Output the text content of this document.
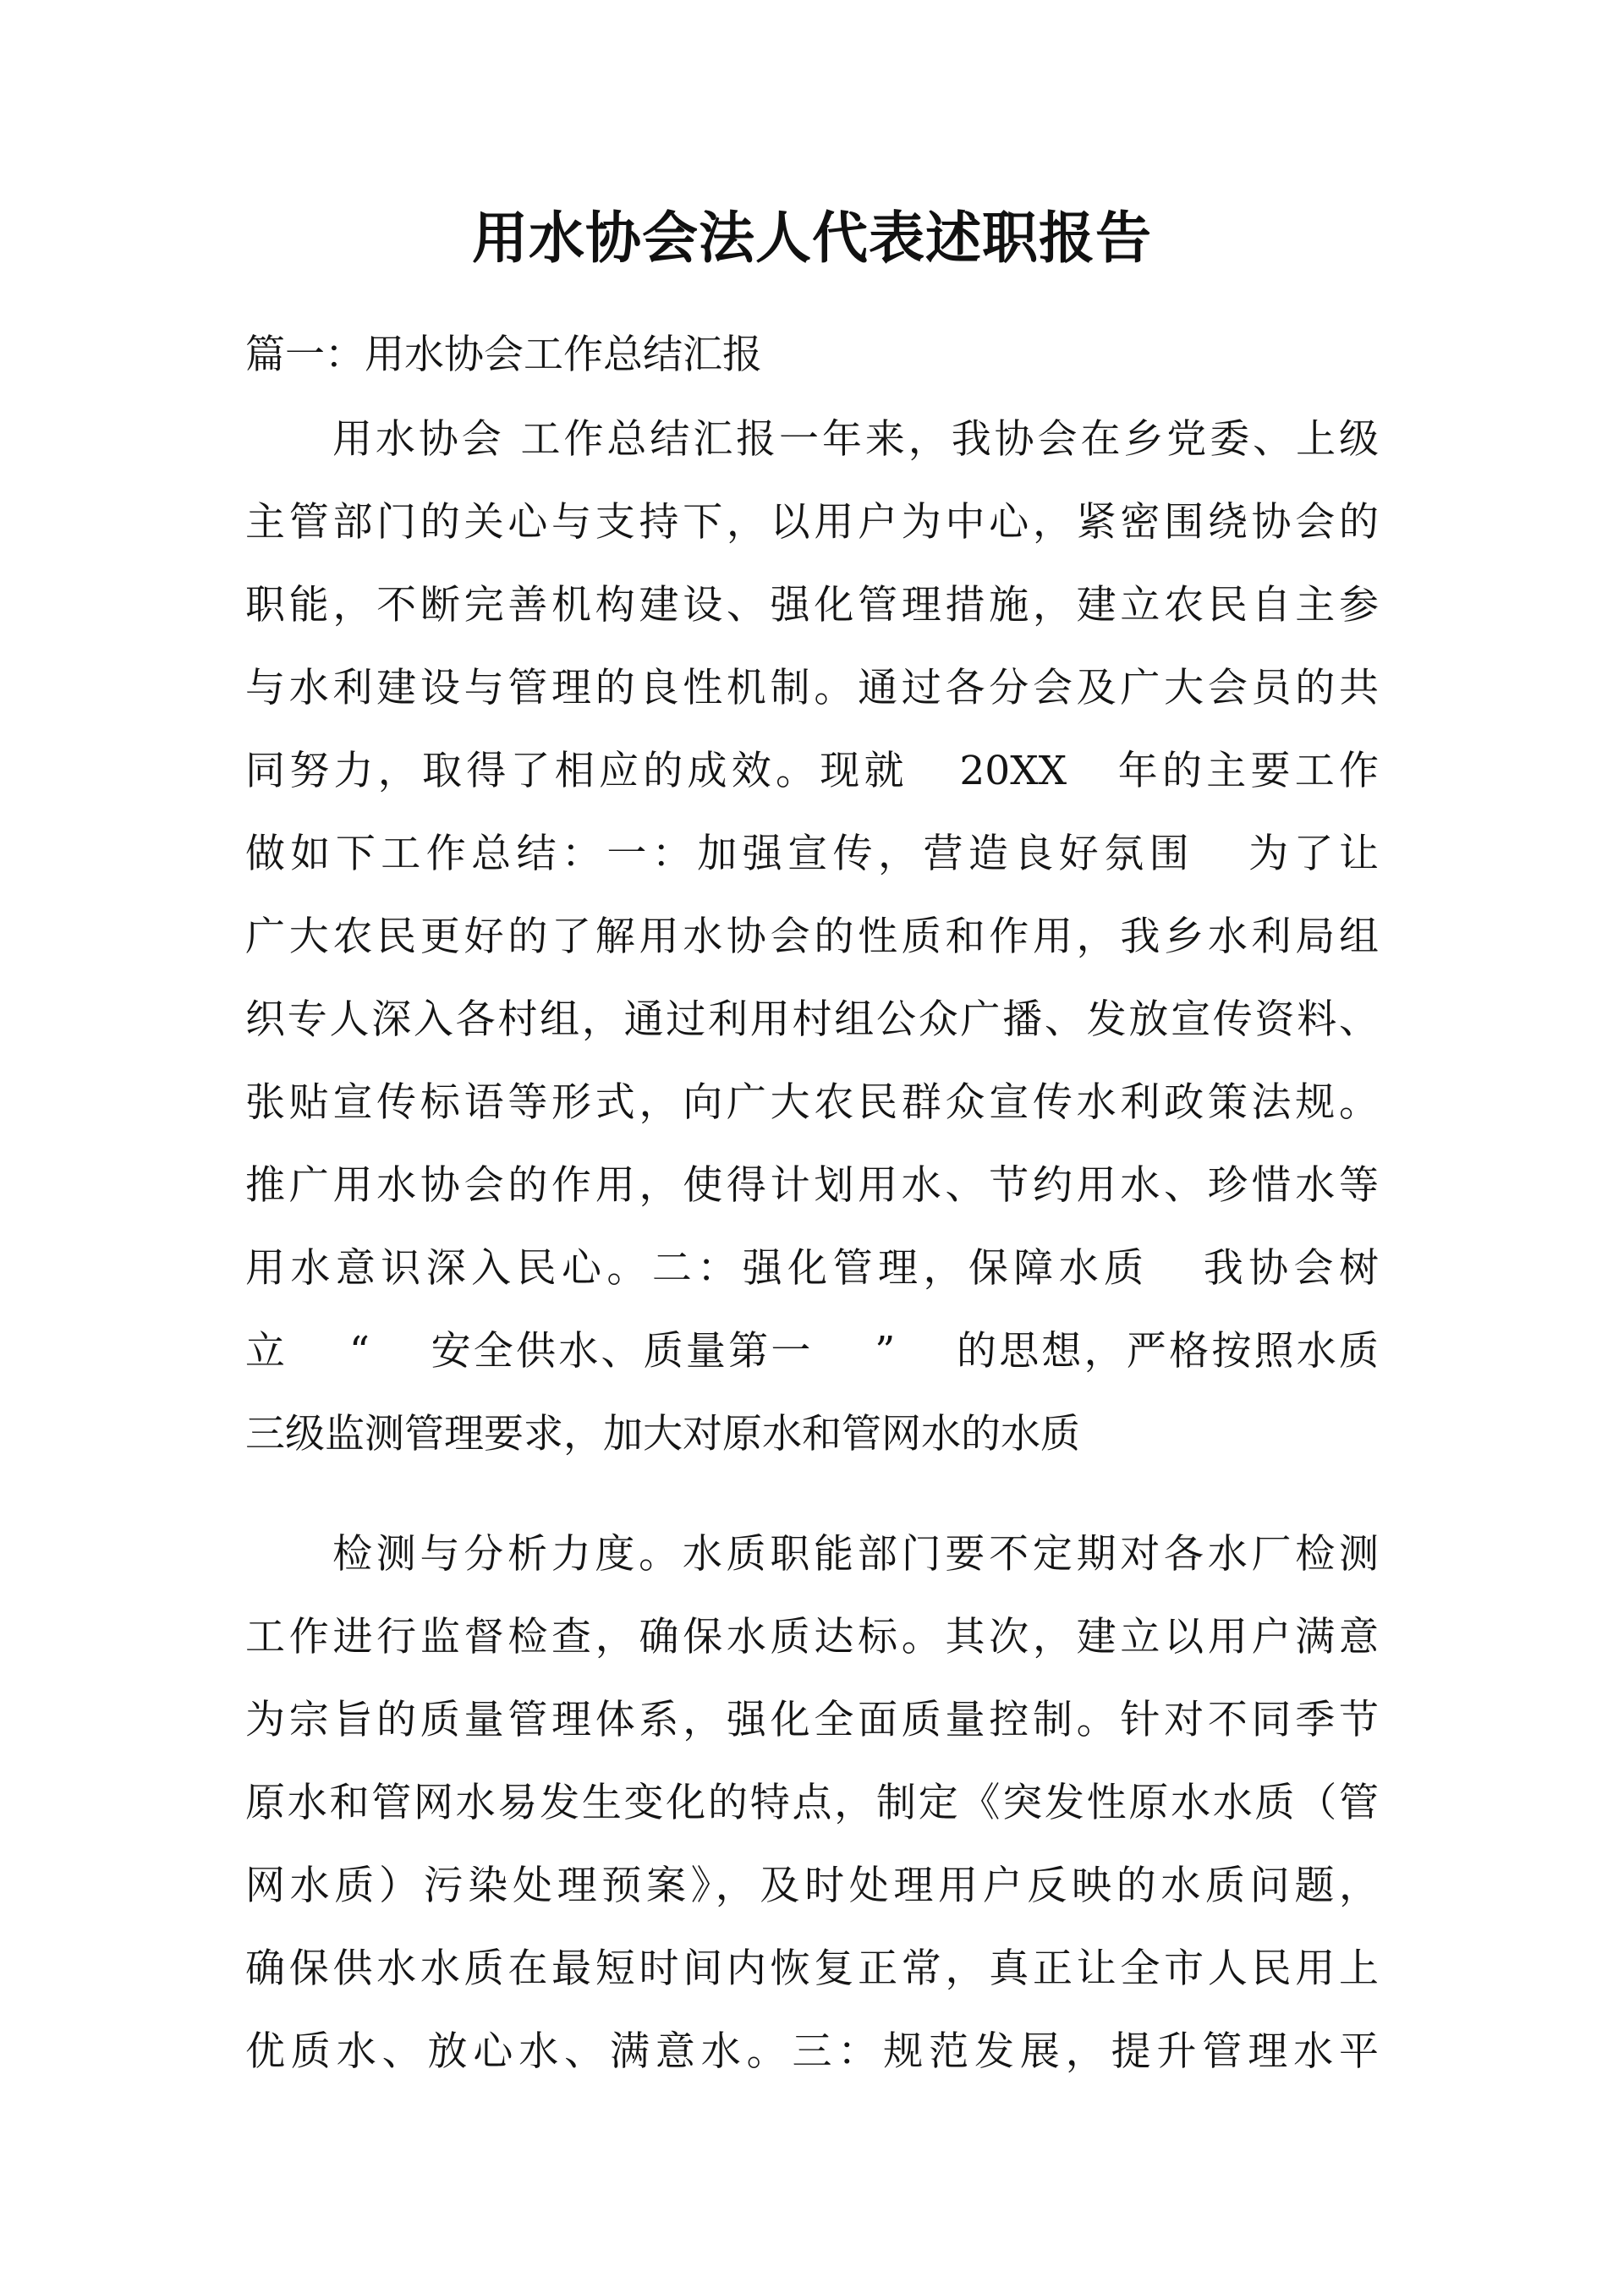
用水协会法人代表述职报告
篇一：用水协会工作总结汇报
用水协会 工作总结汇报一年来，我协会在乡党委、上级
主管部门的关心与支持下，以用户为中心，紧密围绕协会的
职能，不断完善机构建设、强化管理措施，建立农民自主参
与水利建设与管理的良性机制。通过各分会及广大会员的共
同努力，取得了相应的成效。现就   20XX   年的主要工作
做如下工作总结：一：加强宣传，营造良好氛围   为了让
广大农民更好的了解用水协会的性质和作用，我乡水利局组
织专人深入各村组，通过利用村组公众广播、发放宣传资料、
张贴宣传标语等形式，向广大农民群众宣传水利政策法规。
推广用水协会的作用，使得计划用水、节约用水、珍惜水等
用水意识深入民心。二：强化管理，保障水质   我协会树
立    “    安全供水、质量第一    ”    的思想，严格按照水质
三级监测管理要求，加大对原水和管网水的水质
检测与分析力度。水质职能部门要不定期对各水厂检测
工作进行监督检查，确保水质达标。其次，建立以用户满意
为宗旨的质量管理体系，强化全面质量控制。针对不同季节
原水和管网水易发生变化的特点，制定《突发性原水水质（管
网水质）污染处理预案》，及时处理用户反映的水质问题，
确保供水水质在最短时间内恢复正常，真正让全市人民用上
优质水、放心水、满意水。三：规范发展，提升管理水平
